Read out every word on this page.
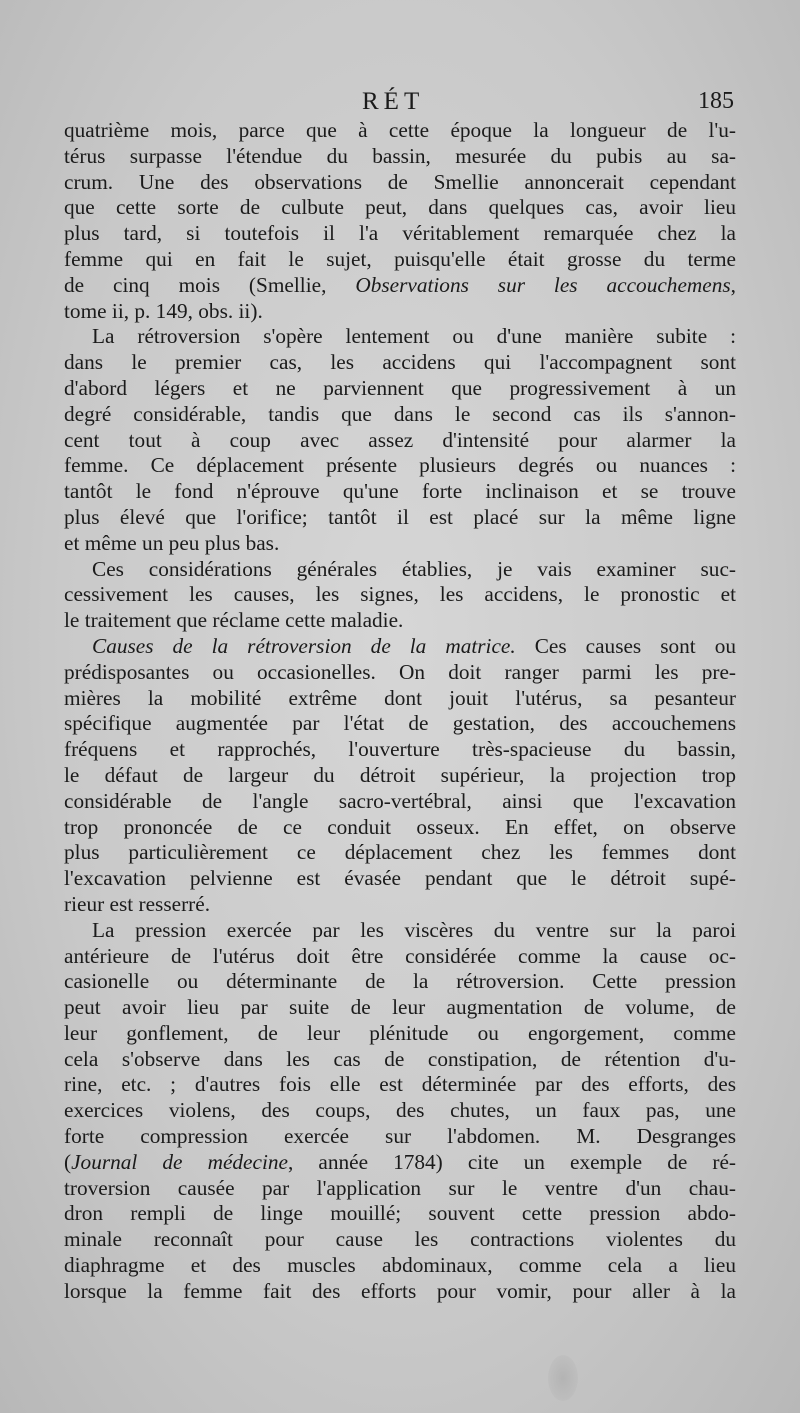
RÉT	185
quatrième mois, parce que à cette époque la longueur de l'u-
térus surpasse l'étendue du bassin, mesurée du pubis au sa-
crum. Une des observations de Smellie annoncerait cependant
que cette sorte de culbute peut, dans quelques cas, avoir lieu
plus tard, si toutefois il l'a véritablement remarquée chez la
femme qui en fait le sujet, puisqu'elle était grosse du terme
de cinq mois (Smellie, Observations sur les accouchemens,
tome ii, p. 149, obs. ii).
La rétroversion s'opère lentement ou d'une manière subite :
dans le premier cas, les accidens qui l'accompagnent sont
d'abord légers et ne parviennent que progressivement à un
degré considérable, tandis que dans le second cas ils s'annon-
cent tout à coup avec assez d'intensité pour alarmer la
femme. Ce déplacement présente plusieurs degrés ou nuances :
tantôt le fond n'éprouve qu'une forte inclinaison et se trouve
plus élevé que l'orifice; tantôt il est placé sur la même ligne
et même un peu plus bas.
Ces considérations générales établies, je vais examiner suc-
cessivement les causes, les signes, les accidens, le pronostic et
le traitement que réclame cette maladie.
Causes de la rétroversion de la matrice. Ces causes sont ou
prédisposantes ou occasionelles. On doit ranger parmi les pre-
mières la mobilité extrême dont jouit l'utérus, sa pesanteur
spécifique augmentée par l'état de gestation, des accouchemens
fréquens et rapprochés, l'ouverture très-spacieuse du bassin,
le défaut de largeur du détroit supérieur, la projection trop
considérable de l'angle sacro-vertébral, ainsi que l'excavation
trop prononcée de ce conduit osseux. En effet, on observe
plus particulièrement ce déplacement chez les femmes dont
l'excavation pelvienne est évasée pendant que le détroit supé-
rieur est resserré.
La pression exercée par les viscères du ventre sur la paroi
antérieure de l'utérus doit être considérée comme la cause oc-
casionelle ou déterminante de la rétroversion. Cette pression
peut avoir lieu par suite de leur augmentation de volume, de
leur gonflement, de leur plénitude ou engorgement, comme
cela s'observe dans les cas de constipation, de rétention d'u-
rine, etc. ; d'autres fois elle est déterminée par des efforts, des
exercices violens, des coups, des chutes, un faux pas, une
forte compression exercée sur l'abdomen. M. Desgranges
(Journal de médecine, année 1784) cite un exemple de ré-
troversion causée par l'application sur le ventre d'un chau-
dron rempli de linge mouillé; souvent cette pression abdo-
minale reconnaît pour cause les contractions violentes du
diaphragme et des muscles abdominaux, comme cela a lieu
lorsque la femme fait des efforts pour vomir, pour aller à la
